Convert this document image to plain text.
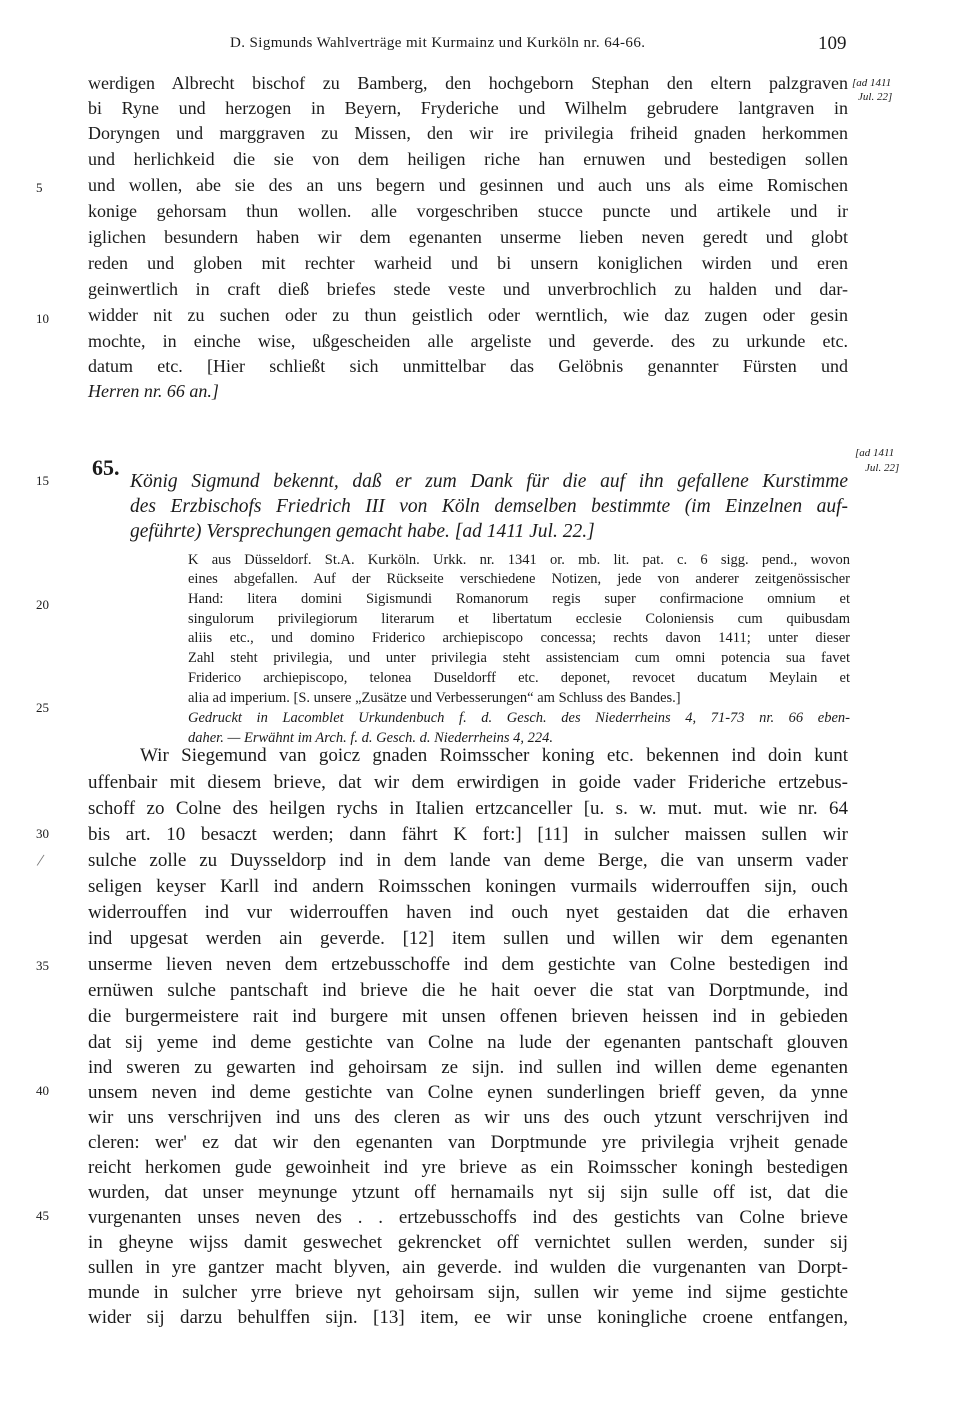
D. Sigmunds Wahlverträge mit Kurmainz und Kurköln nr. 64-66.	109
[ad 1411
Jul. 22]
5
10
15
20
25
30
35
40
45

werdigen Albrecht bischof zu Bamberg, den hochgeborn Stephan den eltern palzgraven

bi Ryne und herzogen in Beyern, Fryderiche und Wilhelm gebrudere lantgraven in

Doryngen und marggraven zu Missen, den wir ire privilegia friheid gnaden herkommen

und herlichkeid die sie von dem heiligen riche han ernuwen und bestedigen sollen

und wollen, abe sie des an uns begern und gesinnen und auch uns als eime Romischen

konige gehorsam thun wollen. alle vorgeschriben stucce puncte und artikele und ir

iglichen besundern haben wir dem egenanten unserme lieben neven geredt und globt

reden und globen mit rechter warheid und bi unsern koniglichen wirden und eren

geinwertlich in craft dieß briefes stede veste und unverbrochlich zu halden und dar-

widder nit zu suchen oder zu thun geistlich oder werntlich, wie daz zugen oder gesin

mochte, in einche wise, ußgescheiden alle argeliste und geverde. des zu urkunde etc.

datum etc. [Hier schließt sich unmittelbar das Gelöbnis genannter Fürsten und

Herren nr. 66 an.]

65.

König Sigmund bekennt, daß er zum Dank für die auf ihn gefallene Kurstimme

des Erzbischofs Friedrich III von Köln demselben bestimmte (im Einzelnen auf-

geführte) Versprechungen gemacht habe. [ad 1411 Jul. 22.]

[ad 1411
Jul. 22]

K aus Düsseldorf. St.A. Kurköln. Urkk. nr. 1341 or. mb. lit. pat. c. 6 sigg. pend., wovon

eines abgefallen. Auf der Rückseite verschiedene Notizen, jede von anderer zeitgenössischer

Hand: litera domini Sigismundi Romanorum regis super confirmacione omnium et

singulorum privilegiorum literarum et libertatum ecclesie Coloniensis cum quibusdam

aliis etc., und domino Friderico archiepiscopo concessa; rechts davon 1411; unter dieser

Zahl steht privilegia, und unter privilegia steht assistenciam cum omni potencia sua favet

Friderico archiepiscopo, telonea Duseldorff etc. deponet, revocet ducatum Meylain et

alia ad imperium. [S. unsere „Zusätze und Verbesserungen“ am Schluss des Bandes.]

Gedruckt in Lacomblet Urkundenbuch f. d. Gesch. des Niederrheins 4, 71-73 nr. 66 eben-

daher. — Erwähnt im Arch. f. d. Gesch. d. Niederrheins 4, 224.

Wir Siegemund van goicz gnaden Roimsscher koning etc. bekennen ind doin kunt

uffenbair mit diesem brieve, dat wir dem erwirdigen in goide vader Frideriche ertzebus-

schoff zo Colne des heilgen rychs in Italien ertzcanceller [u. s. w. mut. mut. wie nr. 64

bis art. 10 besaczt werden; dann fährt K fort:] [11] in sulcher maissen sullen wir

sulche zolle zu Duysseldorp ind in dem lande van deme Berge, die van unserm vader

seligen keyser Karll ind andern Roimsschen koningen vurmails widerrouffen sijn, ouch

widerrouffen ind vur widerrouffen haven ind ouch nyet gestaiden dat die erhaven

ind upgesat werden ain geverde. [12] item sullen und willen wir dem egenanten

unserme lieven neven dem ertzebusschoffe ind dem gestichte van Colne bestedigen ind

ernüwen sulche pantschaft ind brieve die he hait oever die stat van Dorptmunde, ind

die burgermeistere rait ind burgere mit unsen offenen brieven heissen ind in gebieden

dat sij yeme ind deme gestichte van Colne na lude der egenanten pantschaft glouven

ind sweren zu gewarten ind gehoirsam ze sijn. ind sullen ind willen deme egenanten

unsem neven ind deme gestichte van Colne eynen sunderlingen brieff geven, da ynne

wir uns verschrijven ind uns des cleren as wir uns des ouch ytzunt verschrijven ind

cleren: wer' ez dat wir den egenanten van Dorptmunde yre privilegia vrjheit genade

reicht herkomen gude gewoinheit ind yre brieve as ein Roimsscher koningh bestedigen

wurden, dat unser meynunge ytzunt off hernamails nyt sij sijn sulle off ist, dat die

vurgenanten unses neven des . . ertzebusschoffs ind des gestichts van Colne brieve

in gheyne wijss damit geswechet gekrencket off vernichtet sullen werden, sunder sij

sullen in yre gantzer macht blyven, ain geverde. ind wulden die vurgenanten van Dorpt-

munde in sulcher yrre brieve nyt gehoirsam sijn, sullen wir yeme ind sijme gestichte

wider sij darzu behulffen sijn. [13] item, ee wir unse koningliche croene entfangen,

/
